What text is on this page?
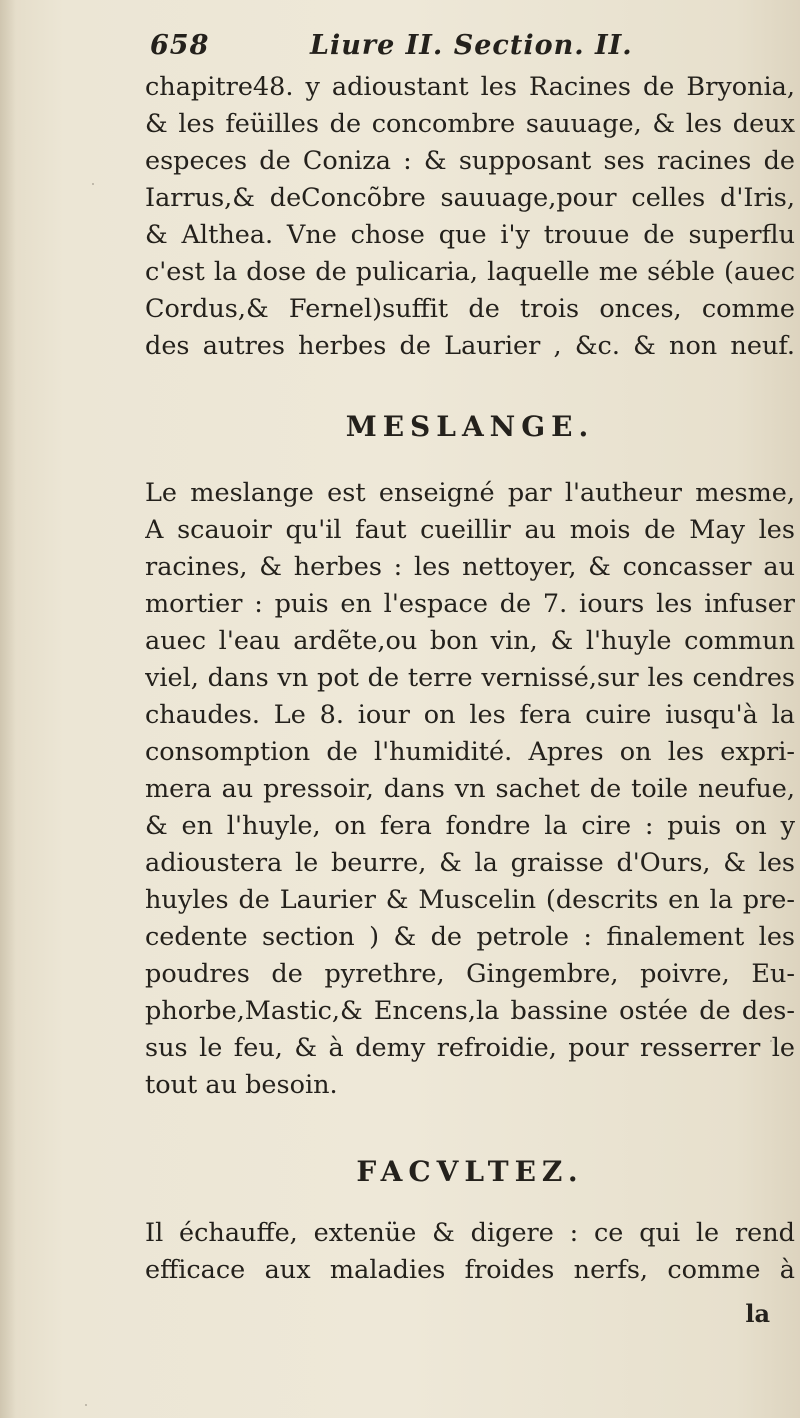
658	Liure II. Section. II.
chapitre48. y adioustant les Racines de Bryonia,
& les feüilles de concombre sauuage, & les deux
especes de Coniza : & supposant ses racines de
Iarrus,& deConcõbre sauuage,pour celles d'Iris,
& Althea. Vne chose que i'y trouue de superflu
c'est la dose de pulicaria, laquelle me séble (auec
Cordus,& Fernel)suffit de trois onces, comme
des autres herbes de Laurier , &c. & non neuf.
MESLANGE.
Le meslange est enseigné par l'autheur mesme,
A scauoir qu'il faut cueillir au mois de May les
racines, & herbes : les nettoyer, & concasser au
mortier : puis en l'espace de 7. iours les infuser
auec l'eau ardẽte,ou bon vin, & l'huyle commun
viel, dans vn pot de terre vernissé,sur les cendres
chaudes. Le 8. iour on les fera cuire iusqu'à la
consomption de l'humidité. Apres on les expri-
mera au pressoir, dans vn sachet de toile neufue,
& en l'huyle, on fera fondre la cire : puis on y
adioustera le beurre, & la graisse d'Ours, & les
huyles de Laurier & Muscelin (descrits en la pre-
cedente section ) & de petrole : finalement les
poudres de pyrethre, Gingembre, poivre, Eu-
phorbe,Mastic,& Encens,la bassine ostée de des-
sus le feu, & à demy refroidie, pour resserrer le
tout au besoin.
FACVLTEZ.
Il échauffe, extenüe & digere : ce qui le rend
efficace aux maladies froides nerfs, comme à
la
